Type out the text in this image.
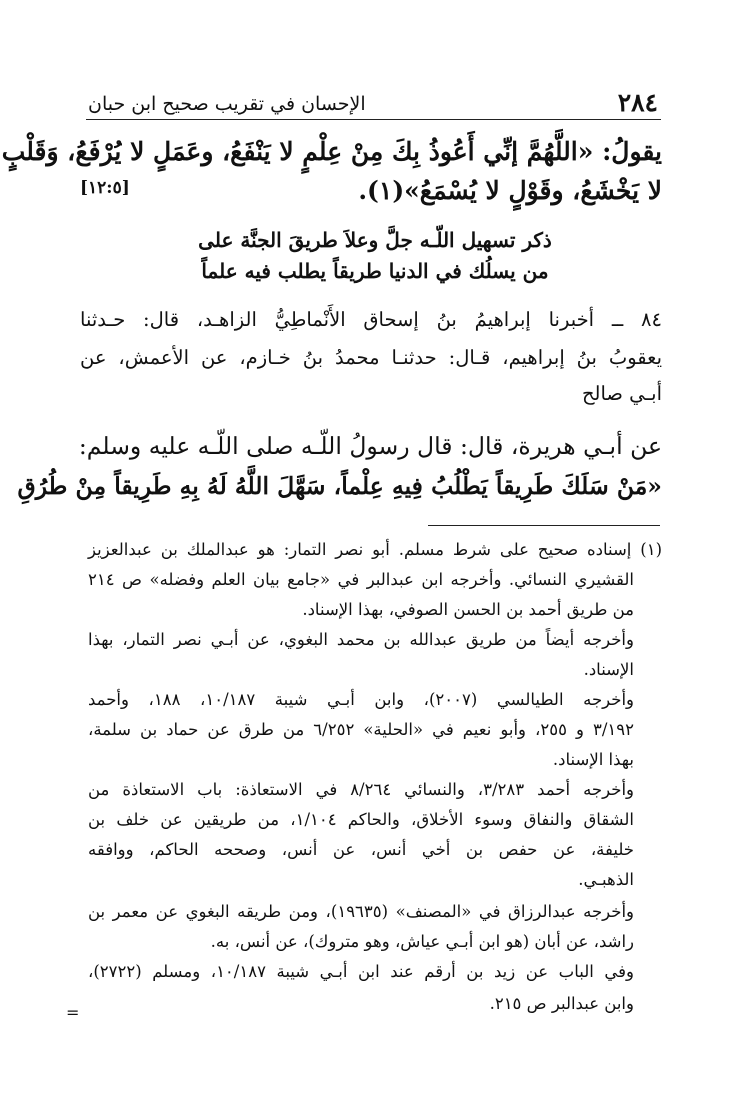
٢٨٤
الإحسان في تقريب صحيح ابن حبان
يقولُ: «اللَّهُمَّ إنِّي أَعُوذُ بِكَ مِنْ عِلْمٍ لا يَنْفَعُ، وعَمَلٍ لا يُرْفَعُ، وَقَلْبٍ
لا يَخْشَعُ، وقَوْلٍ لا يُسْمَعُ»(١).
[١٢:٥]
ذكر تسهيل اللّـه جلَّ وعلاَ طريقَ الجنَّة على
من يسلُك في الدنيا طريقاً يطلب فيه علماً
٨٤ ــ أخبرنا إبراهيمُ بنُ إسحاق الأَنْماطِيُّ الزاهـد، قال: حـدثنا
يعقوبُ بنُ إبراهيم، قـال: حدثنـا محمدُ بنُ خـازم، عن الأعمش، عن
أبـي صالح
عن أبـي هريرة، قال: قال رسولُ اللّـه صلى اللّـه عليه وسلم:
«مَنْ سَلَكَ طَرِيقاً يَطْلُبُ فِيهِ عِلْماً، سَهَّلَ اللَّهُ لَهُ بِهِ طَرِيقاً مِنْ طُرُقِ
(١) إسناده صحيح على شرط مسلم. أبو نصر التمار: هو عبدالملك بن عبدالعزيز
القشيري النسائي. وأخرجه ابن عبدالبر في «جامع بيان العلم وفضله» ص ٢١٤
من طريق أحمد بن الحسن الصوفي، بهذا الإسناد.
وأخرجه أيضاً من طريق عبدالله بن محمد البغوي، عن أبـي نصر التمار، بهذا
الإسناد.
وأخرجه الطيالسي (٢٠٠٧)، وابن أبـي شيبة ١٠/١٨٧، ١٨٨، وأحمد
٣/١٩٢ و ٢٥٥، وأبو نعيم في «الحلية» ٦/٢٥٢ من طرق عن حماد بن سلمة،
بهذا الإسناد.
وأخرجه أحمد ٣/٢٨٣، والنسائي ٨/٢٦٤ في الاستعاذة: باب الاستعاذة من
الشقاق والنفاق وسوء الأخلاق، والحاكم ١/١٠٤، من طريقين عن خلف بن
خليفة، عن حفص بن أخي أنس، عن أنس، وصححه الحاكم، ووافقه
الذهبـي.
وأخرجه عبدالرزاق في «المصنف» (١٩٦٣٥)، ومن طريقه البغوي عن معمر بن
راشد، عن أبان (هو ابن أبـي عياش، وهو متروك)، عن أنس، به.
وفي الباب عن زيد بن أرقم عند ابن أبـي شيبة ١٠/١٨٧، ومسلم (٢٧٢٢)،
وابن عبدالبر ص ٢١٥.
=
